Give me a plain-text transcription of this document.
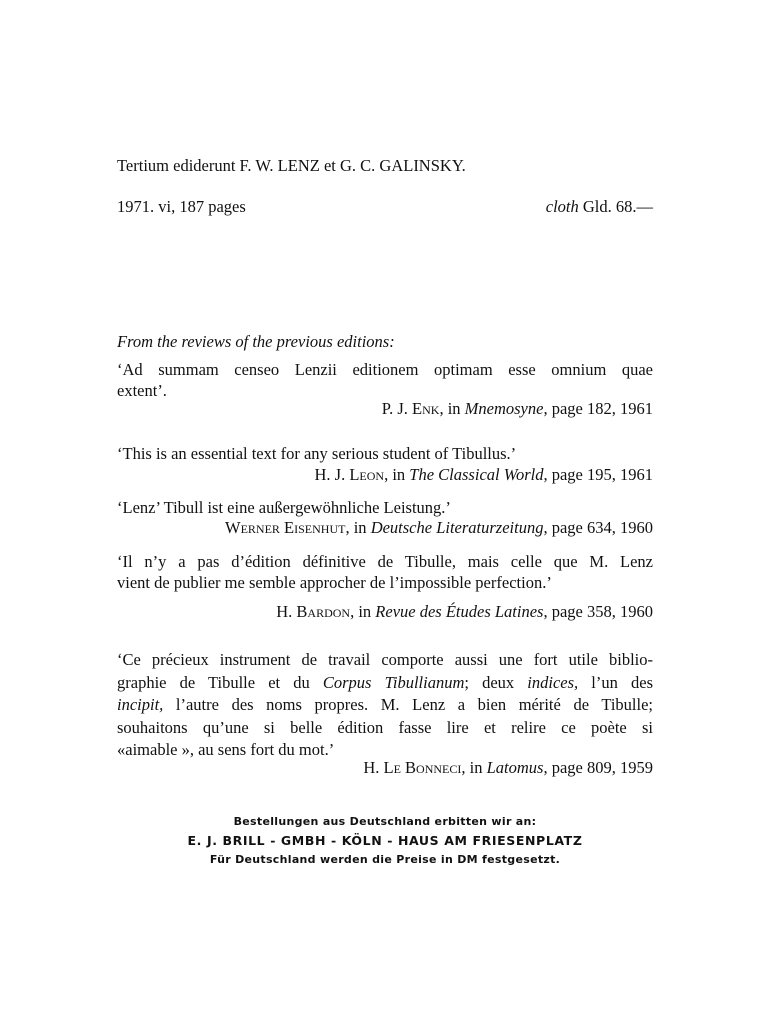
Tertium ediderunt F. W. LENZ et G. C. GALINSKY.
1971. vi, 187 pages	cloth Gld. 68.—
From the reviews of the previous editions:
‘Ad summam censeo Lenzii editionem optimam esse omnium quae
extent’.
P. J. Enk, in Mnemosyne, page 182, 1961
‘This is an essential text for any serious student of Tibullus.’
H. J. Leon, in The Classical World, page 195, 1961
‘Lenz’ Tibull ist eine außergewöhnliche Leistung.’
Werner Eisenhut, in Deutsche Literaturzeitung, page 634, 1960
‘Il n’y a pas d’édition définitive de Tibulle, mais celle que M. Lenz
vient de publier me semble approcher de l’impossible perfection.’
H. Bardon, in Revue des Études Latines, page 358, 1960
‘Ce précieux instrument de travail comporte aussi une fort utile biblio-
graphie de Tibulle et du Corpus Tibullianum; deux indices, l’un des
incipit, l’autre des noms propres. M. Lenz a bien mérité de Tibulle;
souhaitons qu’une si belle édition fasse lire et relire ce poète si
«aimable », au sens fort du mot.’
H. Le Bonneci, in Latomus, page 809, 1959
Bestellungen aus Deutschland erbitten wir an:
E. J. BRILL - GMBH - KÖLN - HAUS AM FRIESENPLATZ
Für Deutschland werden die Preise in DM festgesetzt.
